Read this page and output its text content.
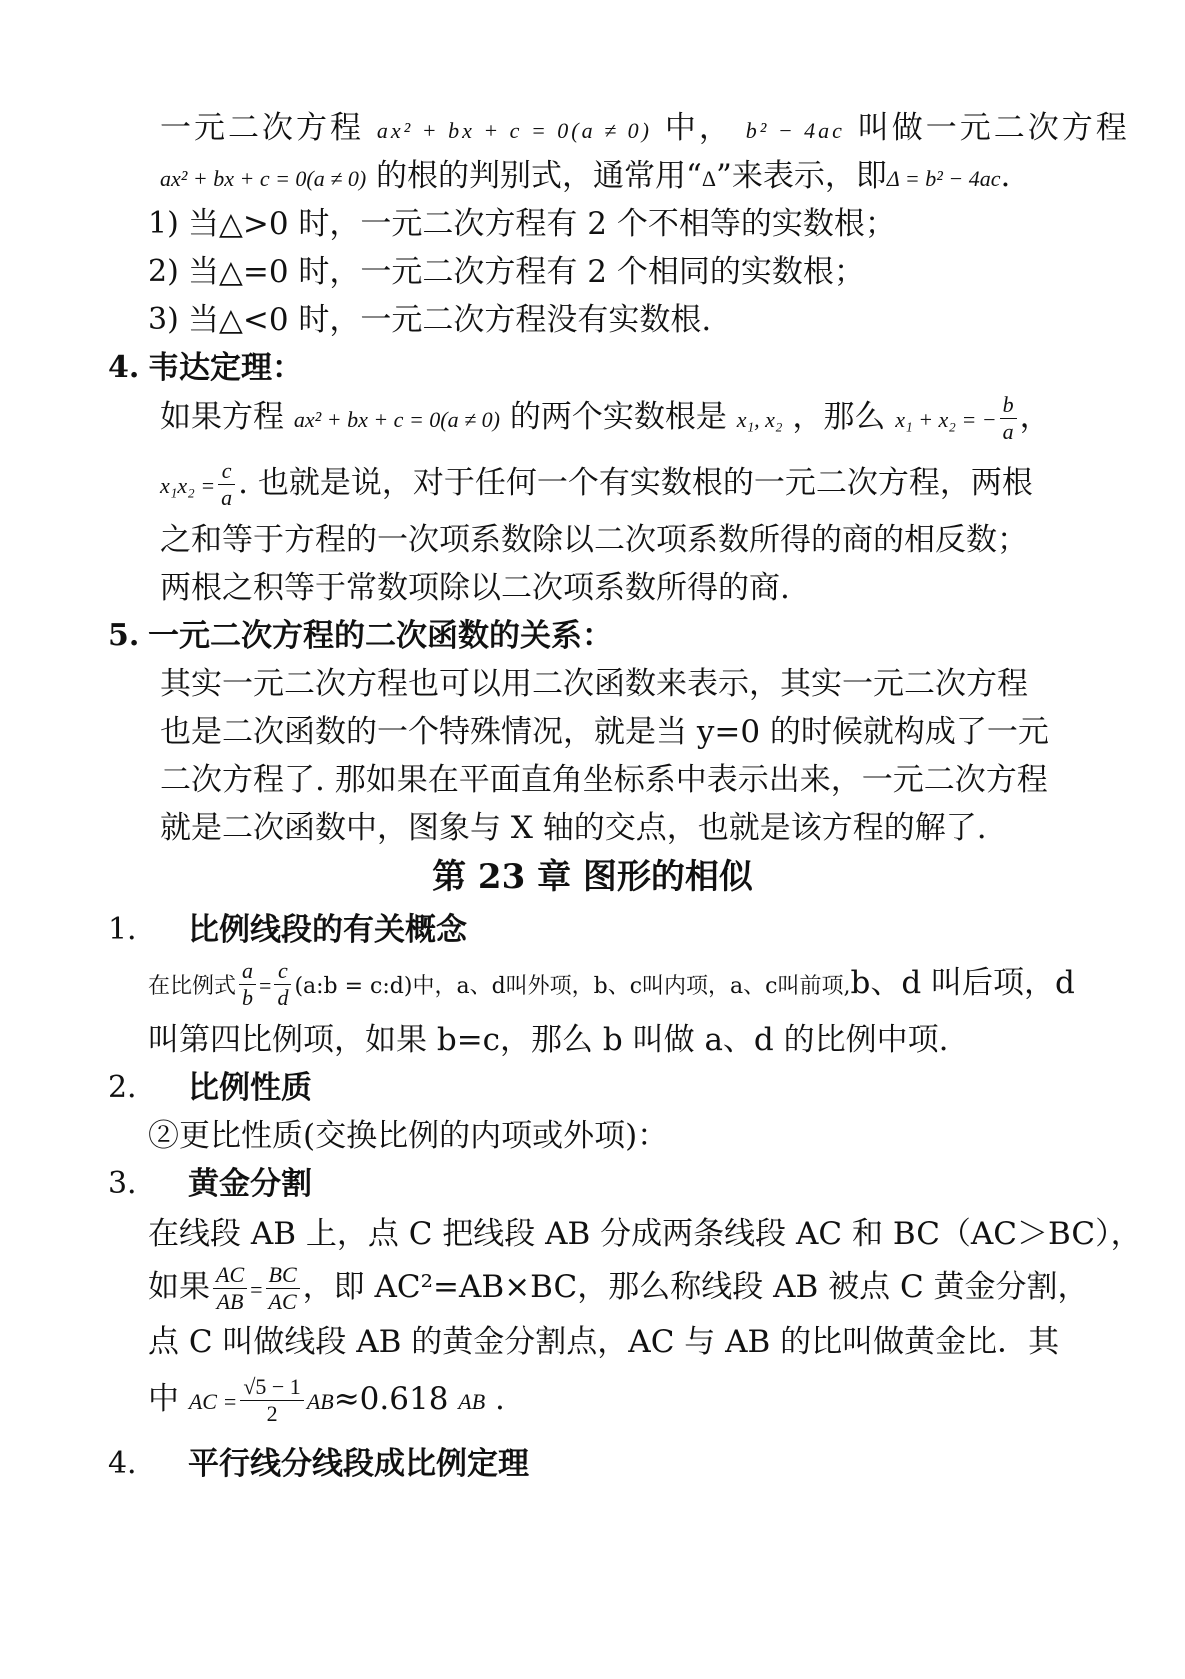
一元二次方程 ax² + bx + c = 0(a ≠ 0) 中， b² − 4ac 叫做一元二次方程
ax² + bx + c = 0(a ≠ 0) 的根的判别式，通常用“Δ”来表示，即Δ = b² − 4ac.
1) 当△>0 时，一元二次方程有 2 个不相等的实数根；
2) 当△=0 时，一元二次方程有 2 个相同的实数根；
3) 当△<0 时，一元二次方程没有实数根.
4. 韦达定理：
如果方程 ax² + bx + c = 0(a ≠ 0) 的两个实数根是 x₁, x₂ ，那么 x₁ + x₂ = − $\frac{b}{a}$ ，
$x_1x_2 = \frac{c}{a}$ . 也就是说，对于任何一个有实数根的一元二次方程，两根
之和等于方程的一次项系数除以二次项系数所得的商的相反数；
两根之积等于常数项除以二次项系数所得的商.
5. 一元二次方程的二次函数的关系：
其实一元二次方程也可以用二次函数来表示，其实一元二次方程
也是二次函数的一个特殊情况，就是当 y=0 的时候就构成了一元
二次方程了. 那如果在平面直角坐标系中表示出来，一元二次方程
就是二次函数中，图象与 X 轴的交点，也就是该方程的解了.
第 23 章 图形的相似
1． 比例线段的有关概念
在比例式 $\frac{a}{b} = \frac{c}{d}$ (a:b = c:d)中，a、d叫外项，b、c叫内项，a、c叫前项,b、d 叫后项，d
叫第四比例项，如果 b=c，那么 b 叫做 a、d 的比例中项.
2． 比例性质
②更比性质(交换比例的内项或外项)：
3． 黄金分割
在线段 AB 上，点 C 把线段 AB 分成两条线段 AC 和 BC（AC＞BC），
如果 $\frac{AC}{AB} = \frac{BC}{AC}$ ，即 AC²=AB×BC，那么称线段 AB 被点 C 黄金分割，
点 C 叫做线段 AB 的黄金分割点，AC 与 AB 的比叫做黄金比．其
中 AC = $\frac{√5 - 1}{2} AB\approx 0.618$ AB .
4． 平行线分线段成比例定理
